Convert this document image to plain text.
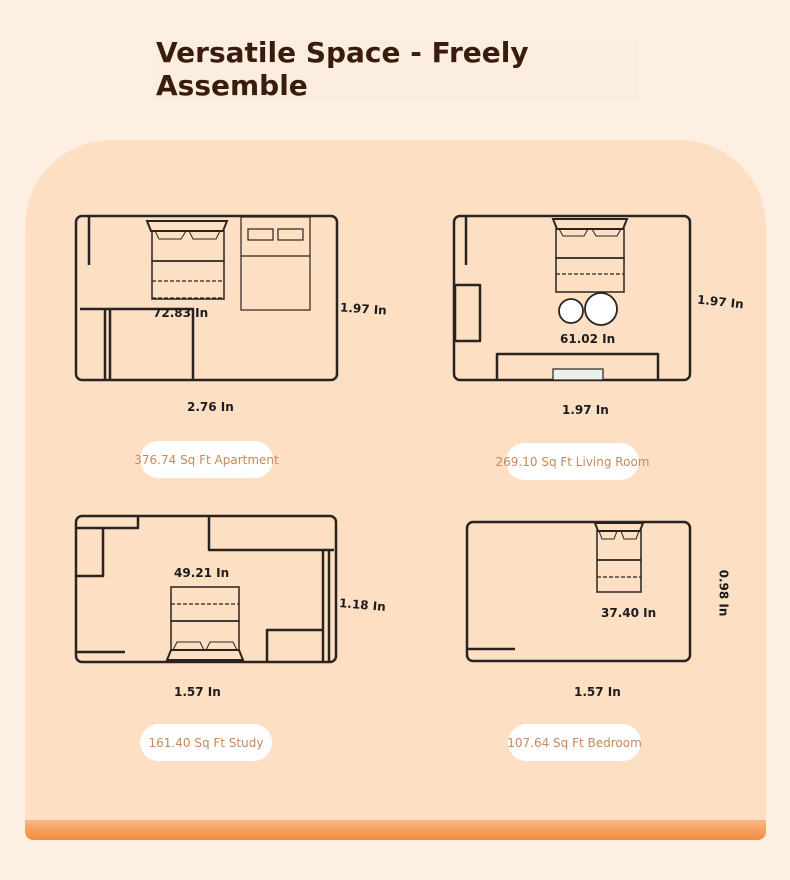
Versatile Space - Freely Assemble
72.83 In	1.97 In
2.76 In
61.02 In
1.97 In
1.97 In
49.21 In
1.18 In
1.57 In
37.40 In	0.98 In
1.57 In
376.74 Sq Ft Apartment	269.10 Sq Ft Living Room
161.40 Sq Ft Study	107.64 Sq Ft Bedroom
